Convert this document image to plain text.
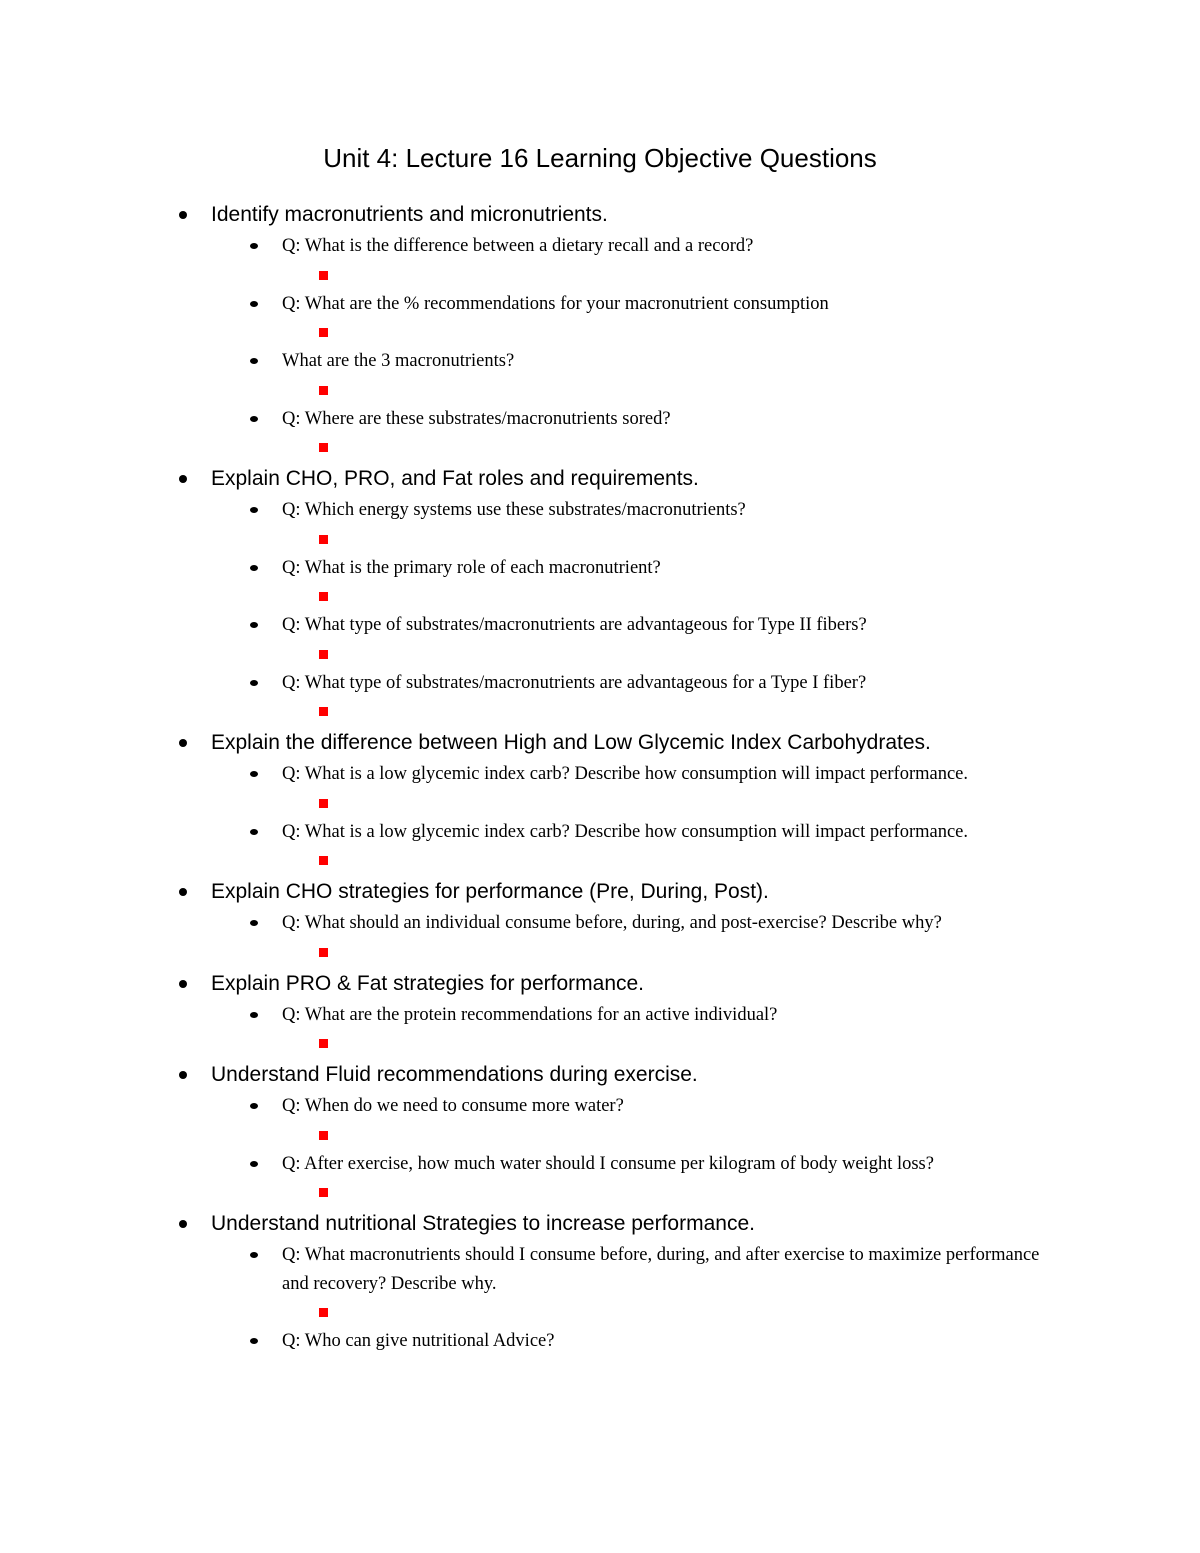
Unit 4: Lecture 16 Learning Objective Questions
Identify macronutrients and micronutrients.
Q: What is the difference between a dietary recall and a record?
Q: What are the % recommendations for your macronutrient consumption
What are the 3 macronutrients?
Q: Where are these substrates/macronutrients sored?
Explain CHO, PRO, and Fat roles and requirements.
Q: Which energy systems use these substrates/macronutrients?
Q: What is the primary role of each macronutrient?
Q: What type of substrates/macronutrients are advantageous for Type II fibers?
Q: What type of substrates/macronutrients are advantageous for a Type I fiber?
Explain the difference between High and Low Glycemic Index Carbohydrates.
Q: What is a low glycemic index carb? Describe how consumption will impact performance.
Q: What is a low glycemic index carb? Describe how consumption will impact performance.
Explain CHO strategies for performance (Pre, During, Post).
Q: What should an individual consume before, during, and post-exercise? Describe why?
Explain PRO & Fat strategies for performance.
Q: What are the protein recommendations for an active individual?
Understand Fluid recommendations during exercise.
Q: When do we need to consume more water?
Q: After exercise, how much water should I consume per kilogram of body weight loss?
Understand nutritional Strategies to increase performance.
Q: What macronutrients should I consume before, during, and after exercise to maximize performance and recovery? Describe why.
Q: Who can give nutritional Advice?
